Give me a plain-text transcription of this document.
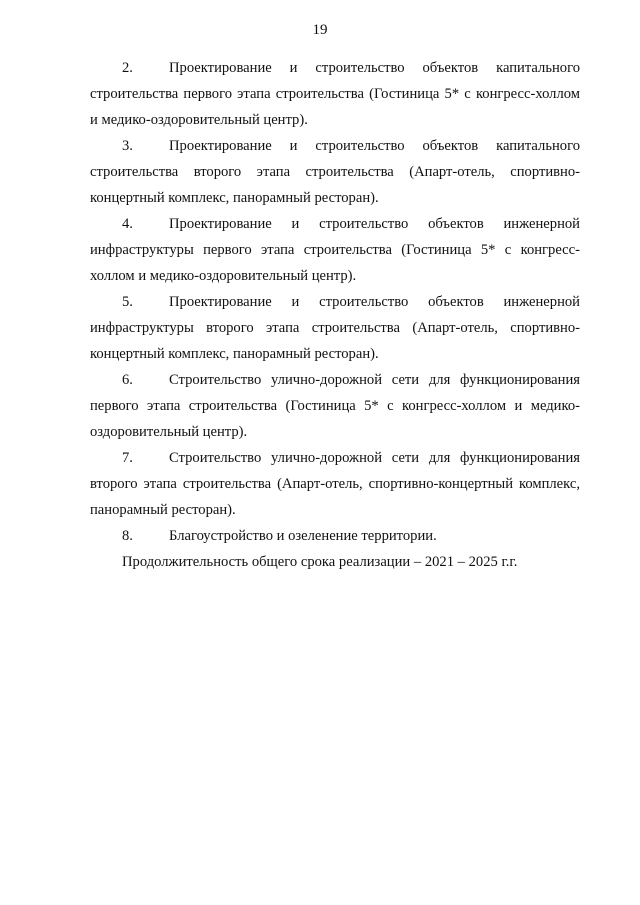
19

2. Проектирование и строительство объектов капитального строительства первого этапа строительства (Гостиница 5* с конгресс-холлом и медико-оздоровительный центр).

3. Проектирование и строительство объектов капитального строительства второго этапа строительства (Апарт-отель, спортивно-концертный комплекс, панорамный ресторан).

4. Проектирование и строительство объектов инженерной инфраструктуры первого этапа строительства (Гостиница 5* с конгресс-холлом и медико-оздоровительный центр).

5. Проектирование и строительство объектов инженерной инфраструктуры второго этапа строительства (Апарт-отель, спортивно-концертный комплекс, панорамный ресторан).

6. Строительство улично-дорожной сети для функционирования первого этапа строительства (Гостиница 5* с конгресс-холлом и медико-оздоровительный центр).

7. Строительство улично-дорожной сети для функционирования второго этапа строительства (Апарт-отель, спортивно-концертный комплекс, панорамный ресторан).

8. Благоустройство и озеленение территории.

Продолжительность общего срока реализации – 2021 – 2025 г.г.
